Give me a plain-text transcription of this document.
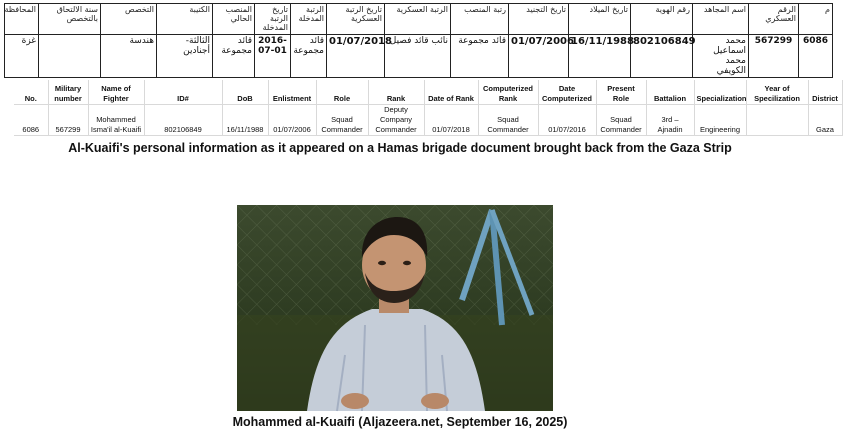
م	الرقم العسكري	اسم المجاهد	رقم الهوية	تاريخ الميلاد	تاريخ التجنيد	رتبة المنصب	الرتبة العسكرية	تاريخ الرتبة العسكرية	الرتبة المدخلة	تاريخ الرتبة المدخلة	المنصب الحالي	الكتيبة	التخصص	سنة الالتحاق بالتخصص	المحافظة
6086	567299	محمد اسماعيل محمد الكويفي	802106849	16/11/1988	01/07/2006	قائد مجموعة	نائب قائد فصيل	01/07/2018	قائد مجموعة	2016-07-01	قائد مجموعة	الثالثة-أجنادين	هندسة		غزة
No.	Military number	Name of Fighter	ID#	DoB	Enlistment	Role	Rank	Date of Rank	Computerized Rank	Date Computerized	Present Role	Battalion	Specialization	Year of Specilization	District
6086	567299	Mohammed Isma'il al-Kuaifi	802106849	16/11/1988	01/07/2006	Squad Commander	Deputy Company Commander	01/07/2018	Squad Commander	01/07/2016	Squad Commander	3rd – Ajnadin	Engineering		Gaza
Al-Kuaifi's personal information as it appeared on a Hamas brigade document brought back from the Gaza Strip
Mohammed al-Kuaifi (Aljazeera.net, September 16, 2025)
